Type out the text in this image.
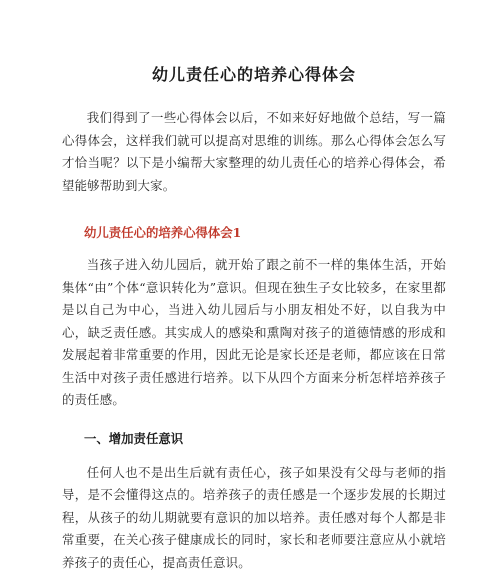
幼儿责任心的培养心得体会

我们得到了一些心得体会以后，不如来好好地做个总结，写一篇心得体会，这样我们就可以提高对思维的训练。那么心得体会怎么写才恰当呢？以下是小编帮大家整理的幼儿责任心的培养心得体会，希望能够帮助到大家。

幼儿责任心的培养心得体会1

当孩子进入幼儿园后，就开始了跟之前不一样的集体生活，开始集体“由”个体“意识转化为”意识。但现在独生子女比较多，在家里都是以自己为中心，当进入幼儿园后与小朋友相处不好，以自我为中心，缺乏责任感。其实成人的感染和熏陶对孩子的道德情感的形成和发展起着非常重要的作用，因此无论是家长还是老师，都应该在日常生活中对孩子责任感进行培养。以下从四个方面来分析怎样培养孩子的责任感。

一、增加责任意识

任何人也不是出生后就有责任心，孩子如果没有父母与老师的指导，是不会懂得这点的。培养孩子的责任感是一个逐步发展的长期过程，从孩子的幼儿期就要有意识的加以培养。责任感对每个人都是非常重要，在关心孩子健康成长的同时，家长和老师要注意应从小就培养孩子的责任心，提高责任意识。
